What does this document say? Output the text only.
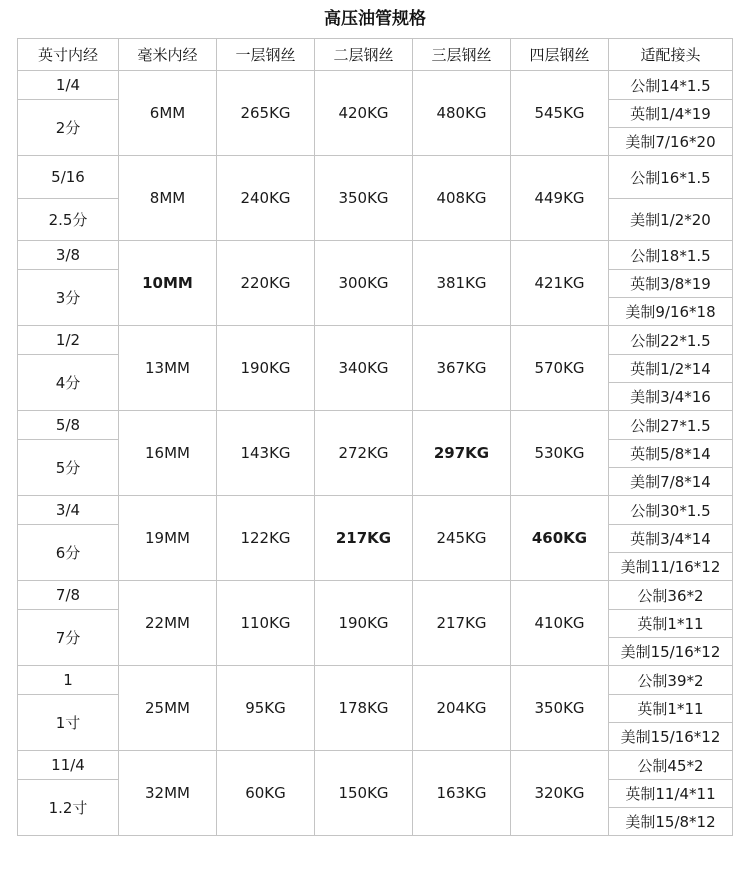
高压油管规格
英寸内经	毫米内经	一层钢丝	二层钢丝	三层钢丝	四层钢丝	适配接头
1/4	6MM	265KG	420KG	480KG	545KG	公制14*1.5
2分						英制1/4*19
						美制7/16*20
5/16	8MM	240KG	350KG	408KG	449KG	公制16*1.5
2.5分						美制1/2*20
3/8	10MM	220KG	300KG	381KG	421KG	公制18*1.5
3分						英制3/8*19
						美制9/16*18
1/2	13MM	190KG	340KG	367KG	570KG	公制22*1.5
4分						英制1/2*14
						美制3/4*16
5/8	16MM	143KG	272KG	297KG	530KG	公制27*1.5
5分						英制5/8*14
						美制7/8*14
3/4	19MM	122KG	217KG	245KG	460KG	公制30*1.5
6分						英制3/4*14
						美制11/16*12
7/8	22MM	110KG	190KG	217KG	410KG	公制36*2
7分						英制1*11
						美制15/16*12
1	25MM	95KG	178KG	204KG	350KG	公制39*2
1寸						英制1*11
						美制15/16*12
11/4	32MM	60KG	150KG	163KG	320KG	公制45*2
1.2寸						英制11/4*11
						美制15/8*12
